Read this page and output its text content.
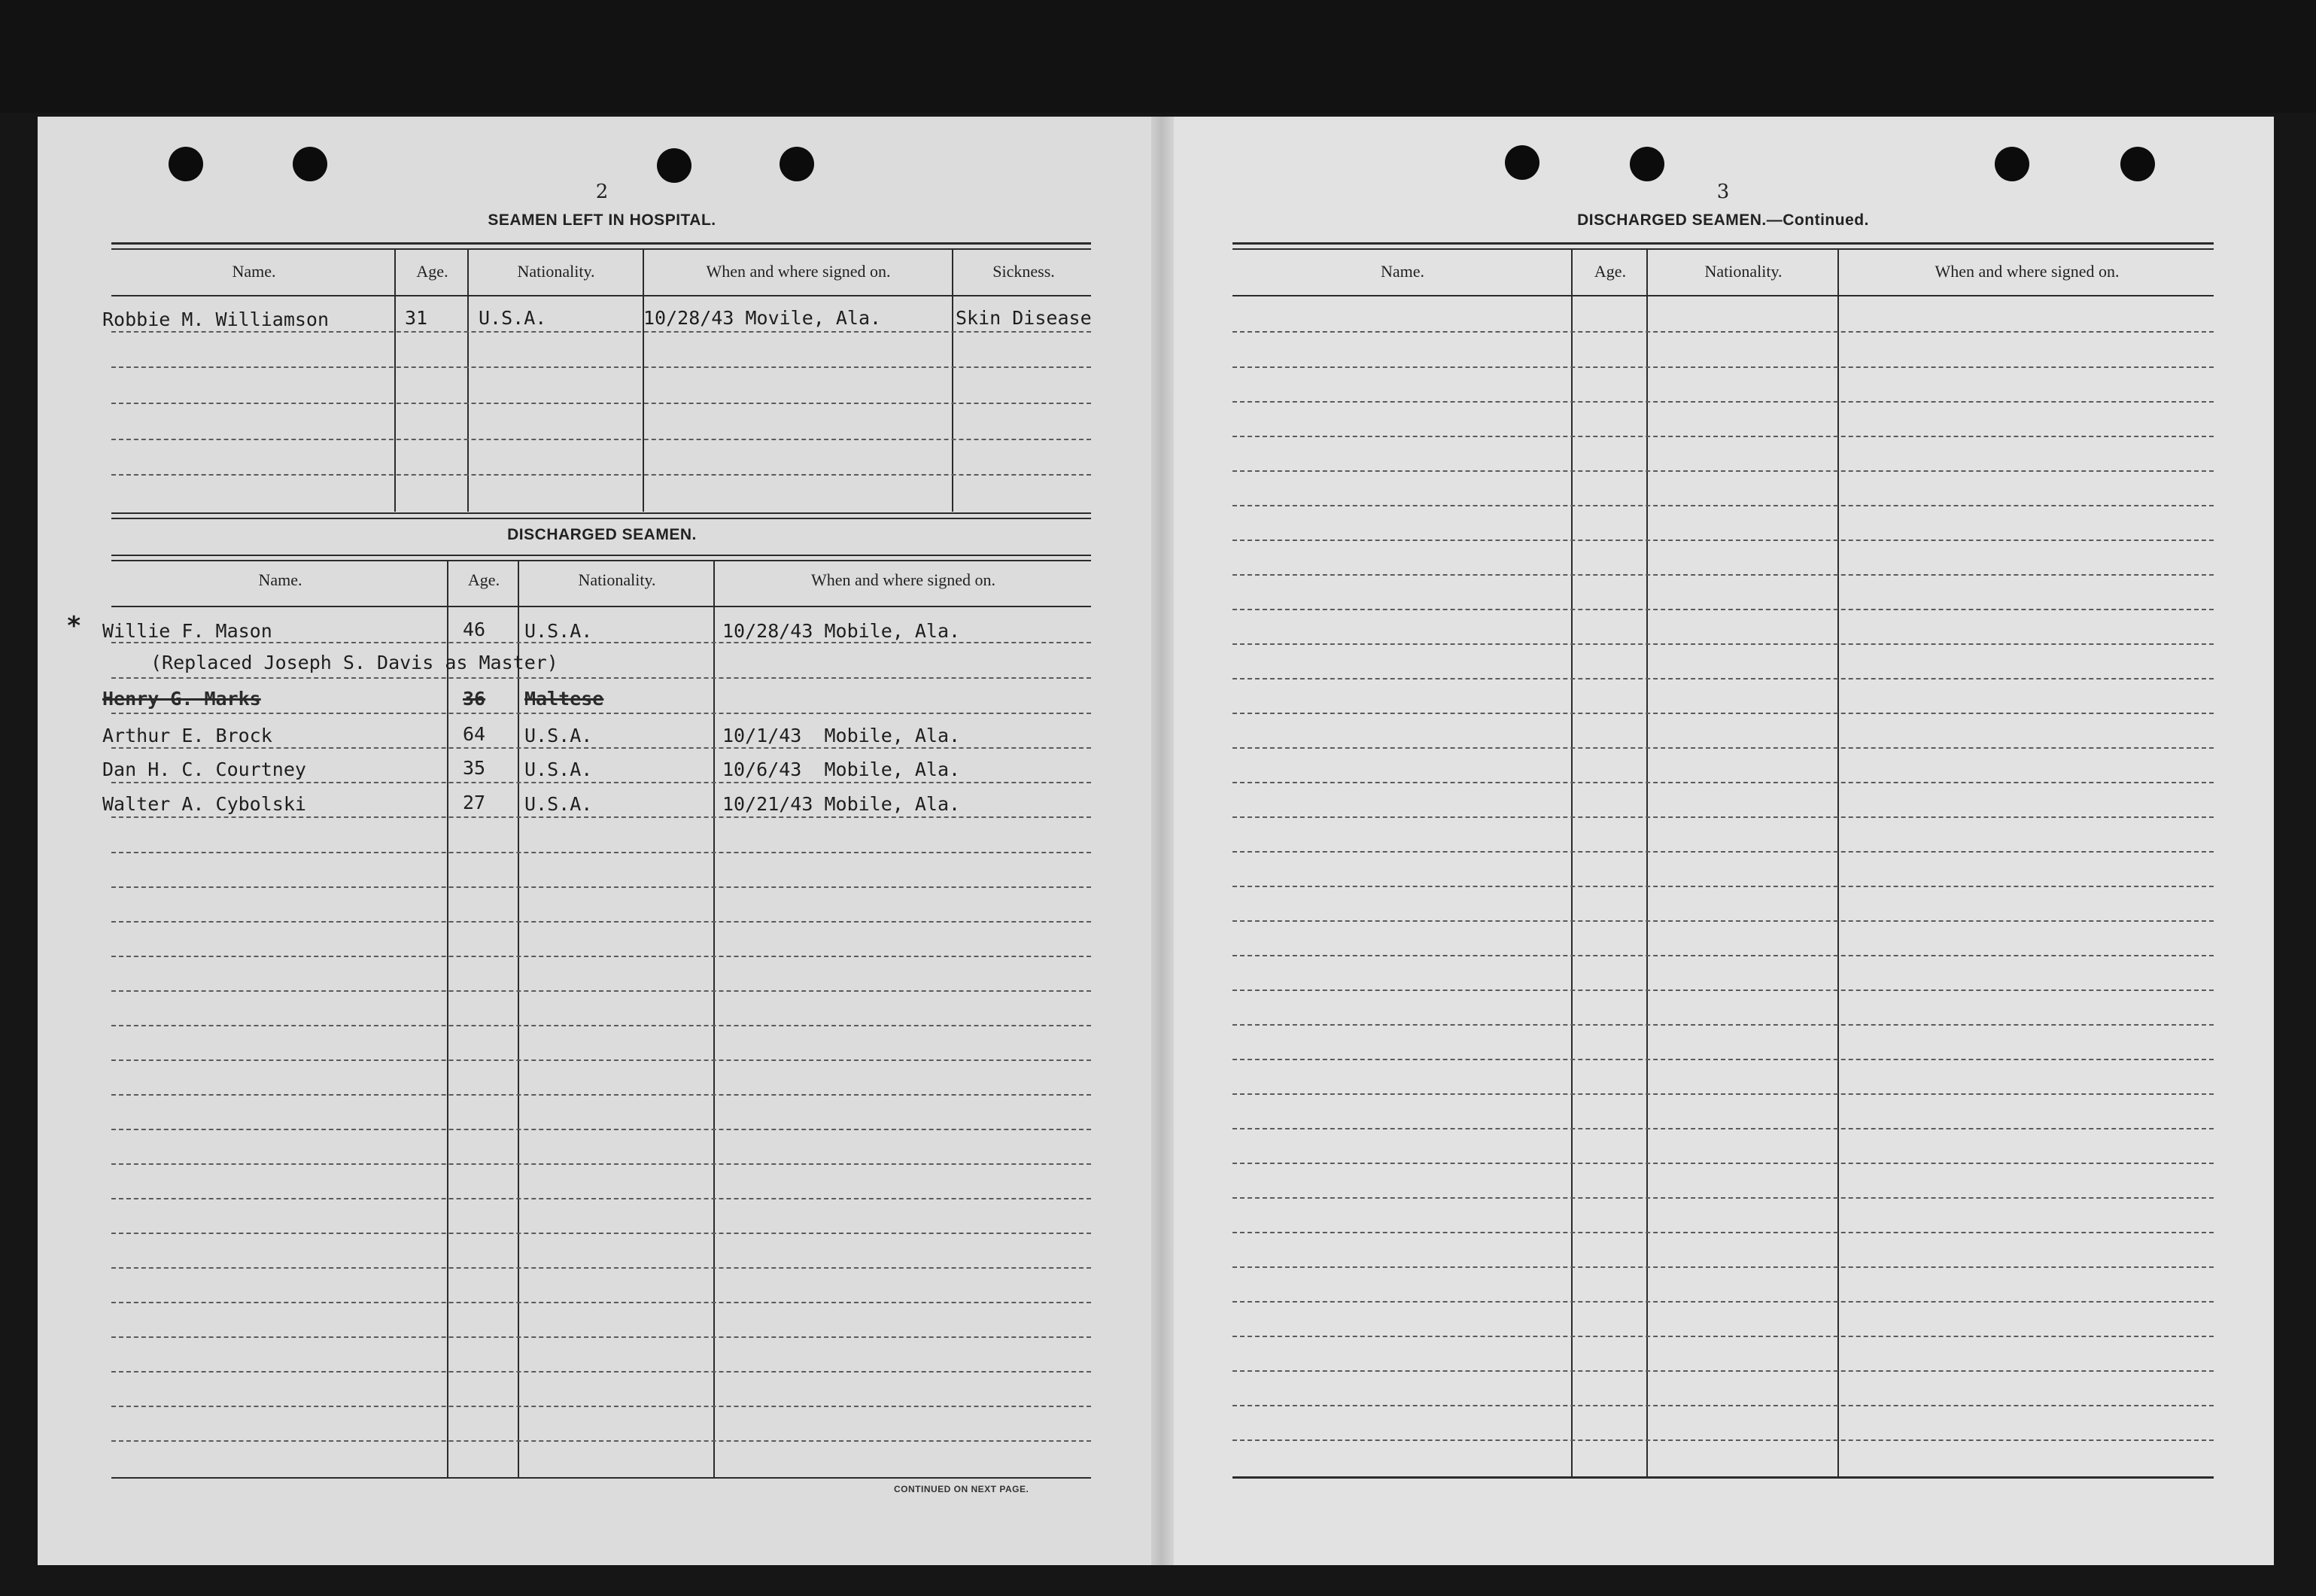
2
SEAMEN LEFT IN HOSPITAL.
Name.	Age.	Nationality.	When and where signed on.	Sickness.
Robbie M. Williamson	31	U.S.A.	10/28/43 Movile, Ala.	Skin Disease
DISCHARGED SEAMEN.
Name.	Age.	Nationality.	When and where signed on.
* Willie F. Mason	46 U.S.A.	10/28/43 Mobile, Ala.
(Replaced Joseph S. Davis as Master)
Henry G. Marks	36 Maltese
Arthur E. Brock	64 U.S.A.	10/1/43  Mobile, Ala.
Dan H. C. Courtney	35 U.S.A.	10/6/43  Mobile, Ala.
Walter A. Cybolski	27 U.S.A.	10/21/43 Mobile, Ala.
CONTINUED ON NEXT PAGE.
3
DISCHARGED SEAMEN.—Continued.
Name.	Age.	Nationality.	When and where signed on.
